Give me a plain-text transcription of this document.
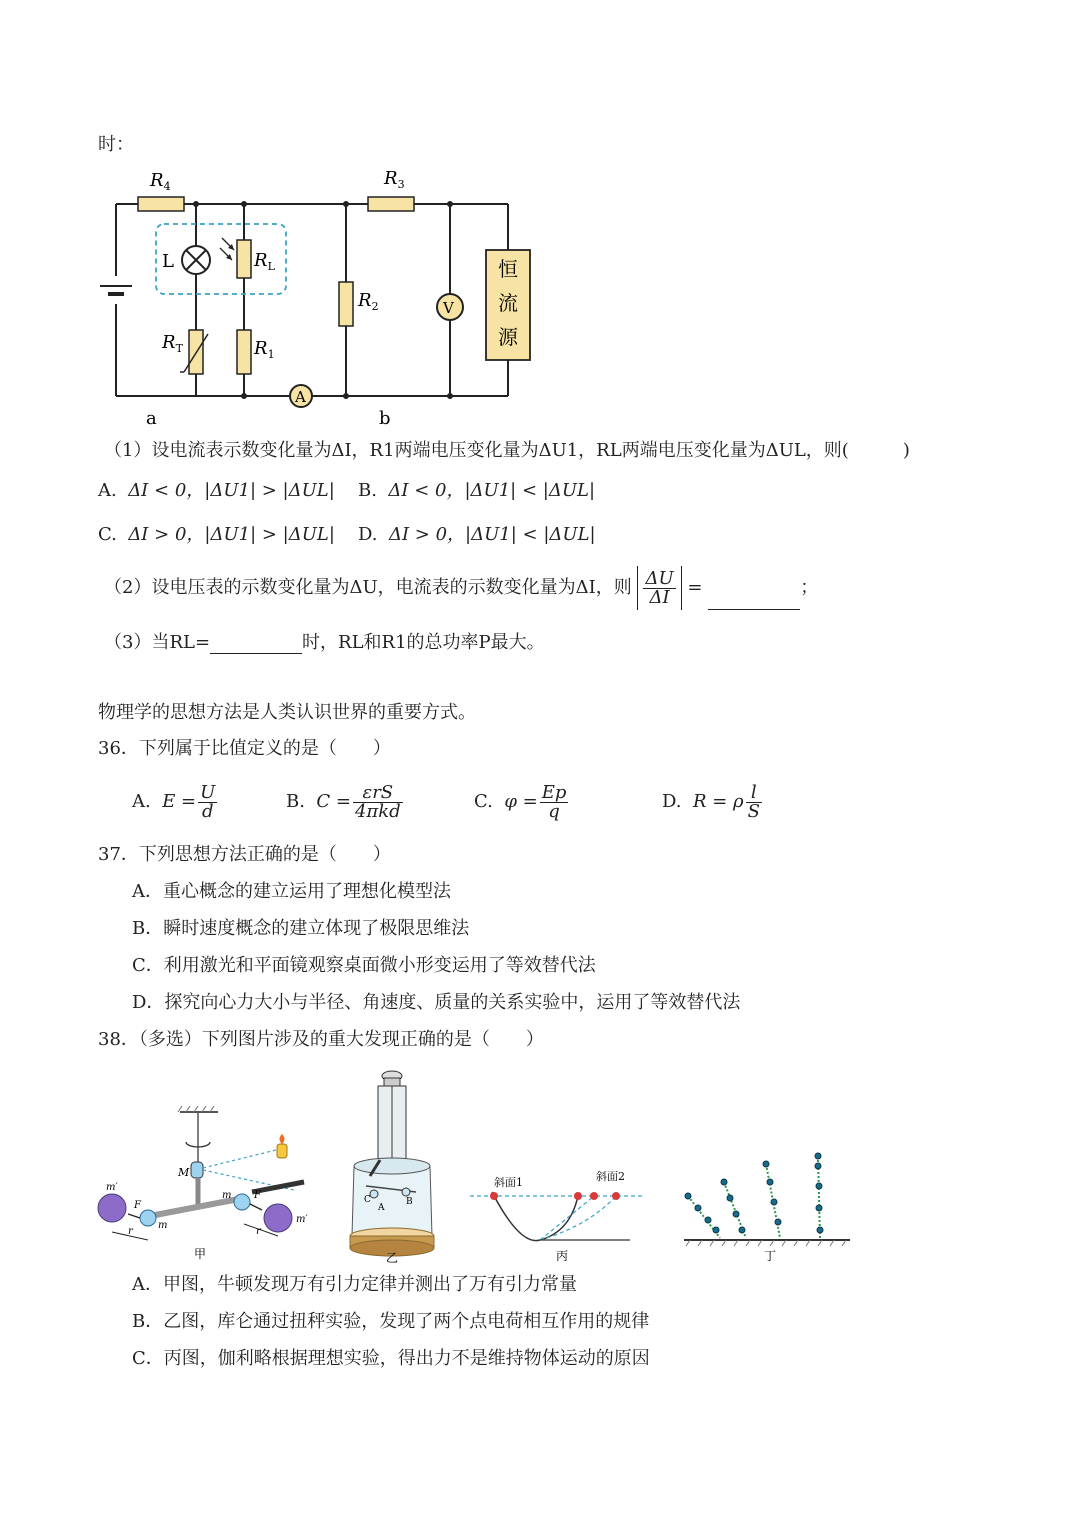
时：
$R_4$	$R_3$
L	$R_L$
$R_2$
$R_T$	$R_1$
A
V
恒
流
源
a	b
（1）设电流表示数变化量为ΔI，R1两端电压变化量为ΔU1，RL两端电压变化量为ΔUL，则(　　　)
A. ΔI < 0，|ΔU1| > |ΔUL| B. ΔI < 0，|ΔU1| < |ΔUL|
C. ΔI > 0，|ΔU1| > |ΔUL| D. ΔI > 0，|ΔU1| < |ΔUL|
（2）设电压表的示数变化量为ΔU，电流表的示数变化量为ΔI，则 $\frac{\Delta U}{\Delta I}$ =	；
（3）当RL=	时，RL和R1的总功率P最大。
物理学的思想方法是人类认识世界的重要方式。
36．下列属于比值定义的是（　　）
A. $E = \frac{U}{d}$	B. $C = \frac{\text{εrS}}{\text{4πkd}}$	C. $\varphi = \frac{Ep}{q}$	D. R = ρ $\frac{l}{S}$
37．下列思想方法正确的是（　　）
A．重心概念的建立运用了理想化模型法
B．瞬时速度概念的建立体现了极限思维法
C．利用激光和平面镜观察桌面微小形变运用了等效替代法
D．探究向心力大小与半径、角速度、质量的关系实验中，运用了等效替代法
38．（多选）下列图片涉及的重大发现正确的是（　　）
m′
F
r
m
M
m F
r
m′
甲
C
A
B
乙
斜面1	斜面2
丙	丁
A．甲图，牛顿发现万有引力定律并测出了万有引力常量
B．乙图，库仑通过扭秤实验，发现了两个点电荷相互作用的规律
C．丙图，伽利略根据理想实验，得出力不是维持物体运动的原因
